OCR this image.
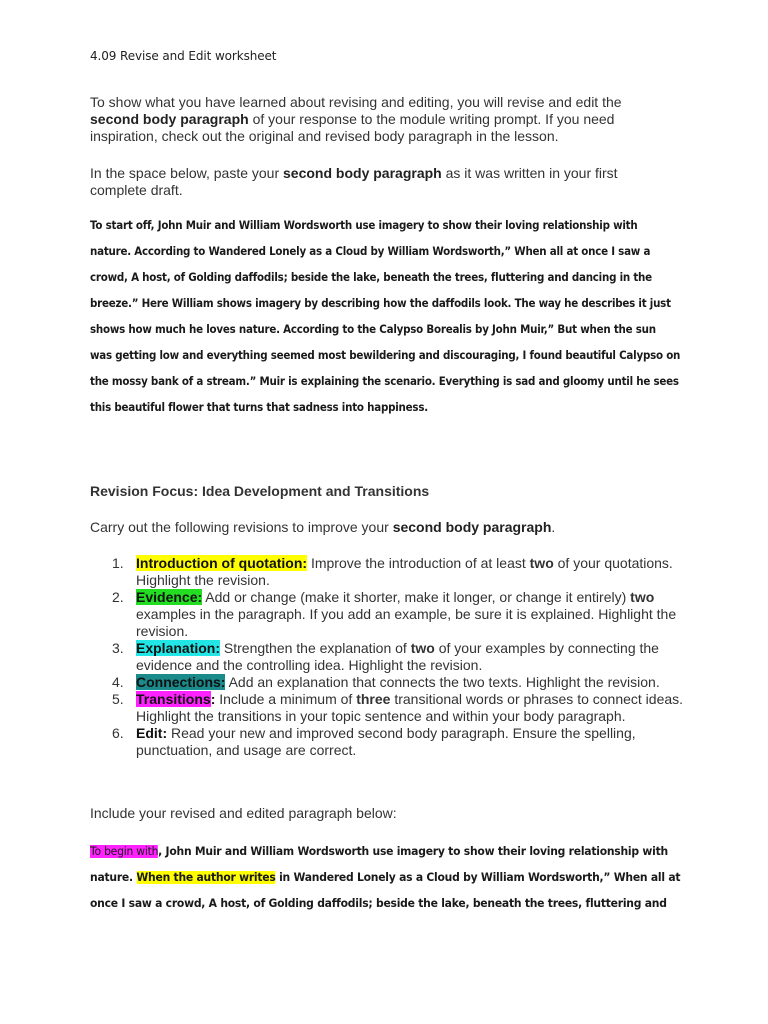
4.09 Revise and Edit worksheet
To show what you have learned about revising and editing, you will revise and edit the second body paragraph of your response to the module writing prompt. If you need inspiration, check out the original and revised body paragraph in the lesson.
In the space below, paste your second body paragraph as it was written in your first complete draft.
To start off, John Muir and William Wordsworth use imagery to show their loving relationship with
nature. According to Wandered Lonely as a Cloud by William Wordsworth,” When all at once I saw a
crowd, A host, of Golding daffodils; beside the lake, beneath the trees, fluttering and dancing in the
breeze.” Here William shows imagery by describing how the daffodils look. The way he describes it just
shows how much he loves nature. According to the Calypso Borealis by John Muir,” But when the sun
was getting low and everything seemed most bewildering and discouraging, I found beautiful Calypso on
the mossy bank of a stream.” Muir is explaining the scenario. Everything is sad and gloomy until he sees
this beautiful flower that turns that sadness into happiness.
Revision Focus: Idea Development and Transitions
Carry out the following revisions to improve your second body paragraph.
1. Introduction of quotation: Improve the introduction of at least two of your quotations. Highlight the revision.
2. Evidence: Add or change (make it shorter, make it longer, or change it entirely) two examples in the paragraph. If you add an example, be sure it is explained. Highlight the revision.
3. Explanation: Strengthen the explanation of two of your examples by connecting the evidence and the controlling idea. Highlight the revision.
4. Connections: Add an explanation that connects the two texts. Highlight the revision.
5. Transitions: Include a minimum of three transitional words or phrases to connect ideas. Highlight the transitions in your topic sentence and within your body paragraph.
6. Edit: Read your new and improved second body paragraph. Ensure the spelling, punctuation, and usage are correct.
Include your revised and edited paragraph below:
To begin with, John Muir and William Wordsworth use imagery to show their loving relationship with
nature. When the author writes in Wandered Lonely as a Cloud by William Wordsworth,” When all at
once I saw a crowd, A host, of Golding daffodils; beside the lake, beneath the trees, fluttering and
